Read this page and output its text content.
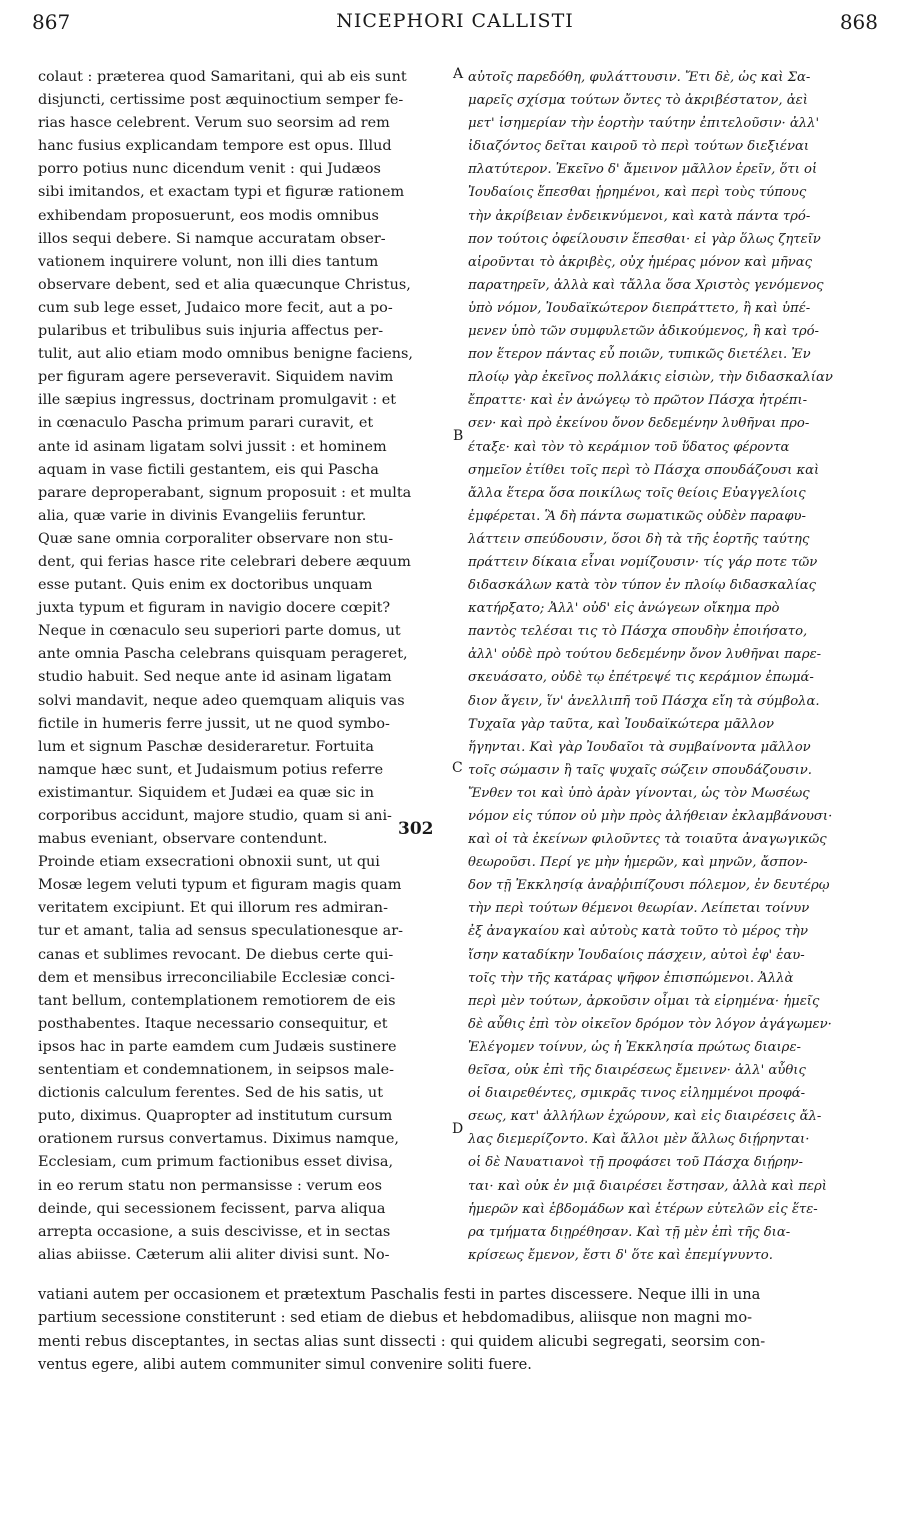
867	NICEPHORI CALLISTI	868
colaut : præterea quod Samaritani, qui ab eis sunt
disjuncti, certissime post æquinoctium semper fe-
rias hasce celebrent. Verum suo seorsim ad rem
hanc fusius explicandam tempore est opus. Illud
porro potius nunc dicendum venit : qui Judæos
sibi imitandos, et exactam typi et figuræ rationem
exhibendam proposuerunt, eos modis omnibus
illos sequi debere. Si namque accuratam obser-
vationem inquirere volunt, non illi dies tantum
observare debent, sed et alia quæcunque Christus,
cum sub lege esset, Judaico more fecit, aut a po-
pularibus et tribulibus suis injuria affectus per-
tulit, aut alio etiam modo omnibus benigne faciens,
per figuram agere perseveravit. Siquidem navim
ille sæpius ingressus, doctrinam promulgavit : et
in cœnaculo Pascha primum parari curavit, et
ante id asinam ligatam solvi jussit : et hominem
aquam in vase fictili gestantem, eis qui Pascha
parare deproperabant, signum proposuit : et multa
alia, quæ varie in divinis Evangeliis feruntur.
Quæ sane omnia corporaliter observare non stu-
dent, qui ferias hasce rite celebrari debere æquum
esse putant. Quis enim ex doctoribus unquam
juxta typum et figuram in navigio docere cœpit?
Neque in cœnaculo seu superiori parte domus, ut
ante omnia Pascha celebrans quisquam perageret,
studio habuit. Sed neque ante id asinam ligatam
solvi mandavit, neque adeo quemquam aliquis vas
fictile in humeris ferre jussit, ut ne quod symbo-
lum et signum Paschæ desideraretur. Fortuita
namque hæc sunt, et Judaismum potius referre
existimantur. Siquidem et Judæi ea quæ sic in
corporibus accidunt, majore studio, quam si ani-
mabus eveniant, observare contendunt.
Proinde etiam exsecrationi obnoxii sunt, ut qui
Mosæ legem veluti typum et figuram magis quam
veritatem excipiunt. Et qui illorum res admiran-
tur et amant, talia ad sensus speculationesque ar-
canas et sublimes revocant. De diebus certe qui-
dem et mensibus irreconciliabile Ecclesiæ conci-
tant bellum, contemplationem remotiorem de eis
posthabentes. Itaque necessario consequitur, et
ipsos hac in parte eamdem cum Judæis sustinere
sententiam et condemnationem, in seipsos male-
dictionis calculum ferentes. Sed de his satis, ut
puto, diximus. Quapropter ad institutum cursum
orationem rursus convertamus. Diximus namque,
Ecclesiam, cum primum factionibus esset divisa,
in eo rerum statu non permansisse : verum eos
deinde, qui secessionem fecissent, parva aliqua
arrepta occasione, a suis descivisse, et in sectas
alias abiisse. Cæterum alii aliter divisi sunt. No-
αὐτοῖς παρεδόθη, φυλάττουσιν. Ἔτι δὲ, ὡς καὶ Σα-
μαρεῖς σχίσμα τούτων ὄντες τὸ ἀκριβέστατον, ἀεὶ
μετ' ἰσημερίαν τὴν ἑορτὴν ταύτην ἐπιτελοῦσιν· ἀλλ'
ἰδιαζόντος δεῖται καιροῦ τὸ περὶ τούτων διεξιέναι
πλατύτερον. Ἐκεῖνο δ' ἄμεινον μᾶλλον ἐρεῖν, ὅτι οἱ
Ἰουδαίοις ἕπεσθαι ᾑρημένοι, καὶ περὶ τοὺς τύπους
τὴν ἀκρίβειαν ἐνδεικνύμενοι, καὶ κατὰ πάντα τρό-
πον τούτοις ὀφείλουσιν ἕπεσθαι· εἰ γὰρ ὅλως ζητεῖν
αἱροῦνται τὸ ἀκριβὲς, οὐχ ἡμέρας μόνον καὶ μῆνας
παρατηρεῖν, ἀλλὰ καὶ τἄλλα ὅσα Χριστὸς γενόμενος
ὑπὸ νόμον, Ἰουδαϊκώτερον διεπράττετο, ἢ καὶ ὑπέ-
μενεν ὑπὸ τῶν συμφυλετῶν ἀδικούμενος, ἢ καὶ τρό-
πον ἕτερον πάντας εὖ ποιῶν, τυπικῶς διετέλει. Ἐν
πλοίῳ γὰρ ἐκεῖνος πολλάκις εἰσιὼν, τὴν διδασκαλίαν
ἔπραττε· καὶ ἐν ἀνώγεῳ τὸ πρῶτον Πάσχα ἠτρέπι-
σεν· καὶ πρὸ ἐκείνου ὄνον δεδεμένην λυθῆναι προ-
έταξε· καὶ τὸν τὸ κεράμιον τοῦ ὕδατος φέροντα
σημεῖον ἐτίθει τοῖς περὶ τὸ Πάσχα σπουδάζουσι καὶ
ἄλλα ἕτερα ὅσα ποικίλως τοῖς θείοις Εὐαγγελίοις
ἐμφέρεται. Ἃ δὴ πάντα σωματικῶς οὐδὲν παραφυ-
λάττειν σπεύδουσιν, ὅσοι δὴ τὰ τῆς ἑορτῆς ταύτης
πράττειν δίκαια εἶναι νομίζουσιν· τίς γάρ ποτε τῶν
διδασκάλων κατὰ τὸν τύπον ἐν πλοίῳ διδασκαλίας
κατήρξατο; Ἀλλ' οὐδ' εἰς ἀνώγεων οἴκημα πρὸ
παντὸς τελέσαι τις τὸ Πάσχα σπουδὴν ἐποιήσατο,
ἀλλ' οὐδὲ πρὸ τούτου δεδεμένην ὄνον λυθῆναι παρε-
σκευάσατο, οὐδὲ τῳ ἐπέτρεψέ τις κεράμιον ἐπωμά-
διον ἄγειν, ἵν' ἀνελλιπῆ τοῦ Πάσχα εἴη τὰ σύμβολα.
Τυχαῖα γὰρ ταῦτα, καὶ Ἰουδαϊκώτερα μᾶλλον
ἥγηνται. Καὶ γὰρ Ἰουδαῖοι τὰ συμβαίνοντα μᾶλλον
τοῖς σώμασιν ἢ ταῖς ψυχαῖς σώζειν σπουδάζουσιν.
Ἔνθεν τοι καὶ ὑπὸ ἀρὰν γίνονται, ὡς τὸν Μωσέως
νόμον εἰς τύπον οὐ μὴν πρὸς ἀλήθειαν ἐκλαμβάνουσι·
καὶ οἱ τὰ ἐκείνων φιλοῦντες τὰ τοιαῦτα ἀναγωγικῶς
θεωροῦσι. Περί γε μὴν ἡμερῶν, καὶ μηνῶν, ἄσπον-
δον τῇ Ἐκκλησίᾳ ἀναῤῥιπίζουσι πόλεμον, ἐν δευτέρῳ
τὴν περὶ τούτων θέμενοι θεωρίαν. Λείπεται τοίνυν
ἐξ ἀναγκαίου καὶ αὐτοὺς κατὰ τοῦτο τὸ μέρος τὴν
ἴσην καταδίκην Ἰουδαίοις πάσχειν, αὐτοὶ ἐφ' ἑαυ-
τοῖς τὴν τῆς κατάρας ψῆφον ἐπισπώμενοι. Ἀλλὰ
περὶ μὲν τούτων, ἀρκοῦσιν οἶμαι τὰ εἰρημένα· ἡμεῖς
δὲ αὖθις ἐπὶ τὸν οἰκεῖον δρόμον τὸν λόγον ἀγάγωμεν·
Ἐλέγομεν τοίνυν, ὡς ἡ Ἐκκλησία πρώτως διαιρε-
θεῖσα, οὐκ ἐπὶ τῆς διαιρέσεως ἔμεινεν· ἀλλ' αὖθις
οἱ διαιρεθέντες, σμικρᾶς τινος εἰλημμένοι προφά-
σεως, κατ' ἀλλήλων ἐχώρουν, καὶ εἰς διαιρέσεις ἄλ-
λας διεμερίζοντο. Καὶ ἄλλοι μὲν ἄλλως διῄρηνται·
οἱ δὲ Ναυατιανοὶ τῇ προφάσει τοῦ Πάσχα διῄρην-
ται· καὶ οὐκ ἐν μιᾷ διαιρέσει ἔστησαν, ἀλλὰ καὶ περὶ
ἡμερῶν καὶ ἑβδομάδων καὶ ἑτέρων εὐτελῶν εἰς ἕτε-
ρα τμήματα διῃρέθησαν. Καὶ τῇ μὲν ἐπὶ τῆς δια-
κρίσεως ἔμενον, ἔστι δ' ὅτε καὶ ἐπεμίγνυντο.
vatiani autem per occasionem et prætextum Paschalis festi in partes discessere. Neque illi in una
partium secessione constiterunt : sed etiam de diebus et hebdomadibus, aliisque non magni mo-
menti rebus disceptantes, in sectas alias sunt dissecti : qui quidem alicubi segregati, seorsim con-
ventus egere, alibi autem communiter simul convenire soliti fuere.
A
B
C
D
302
